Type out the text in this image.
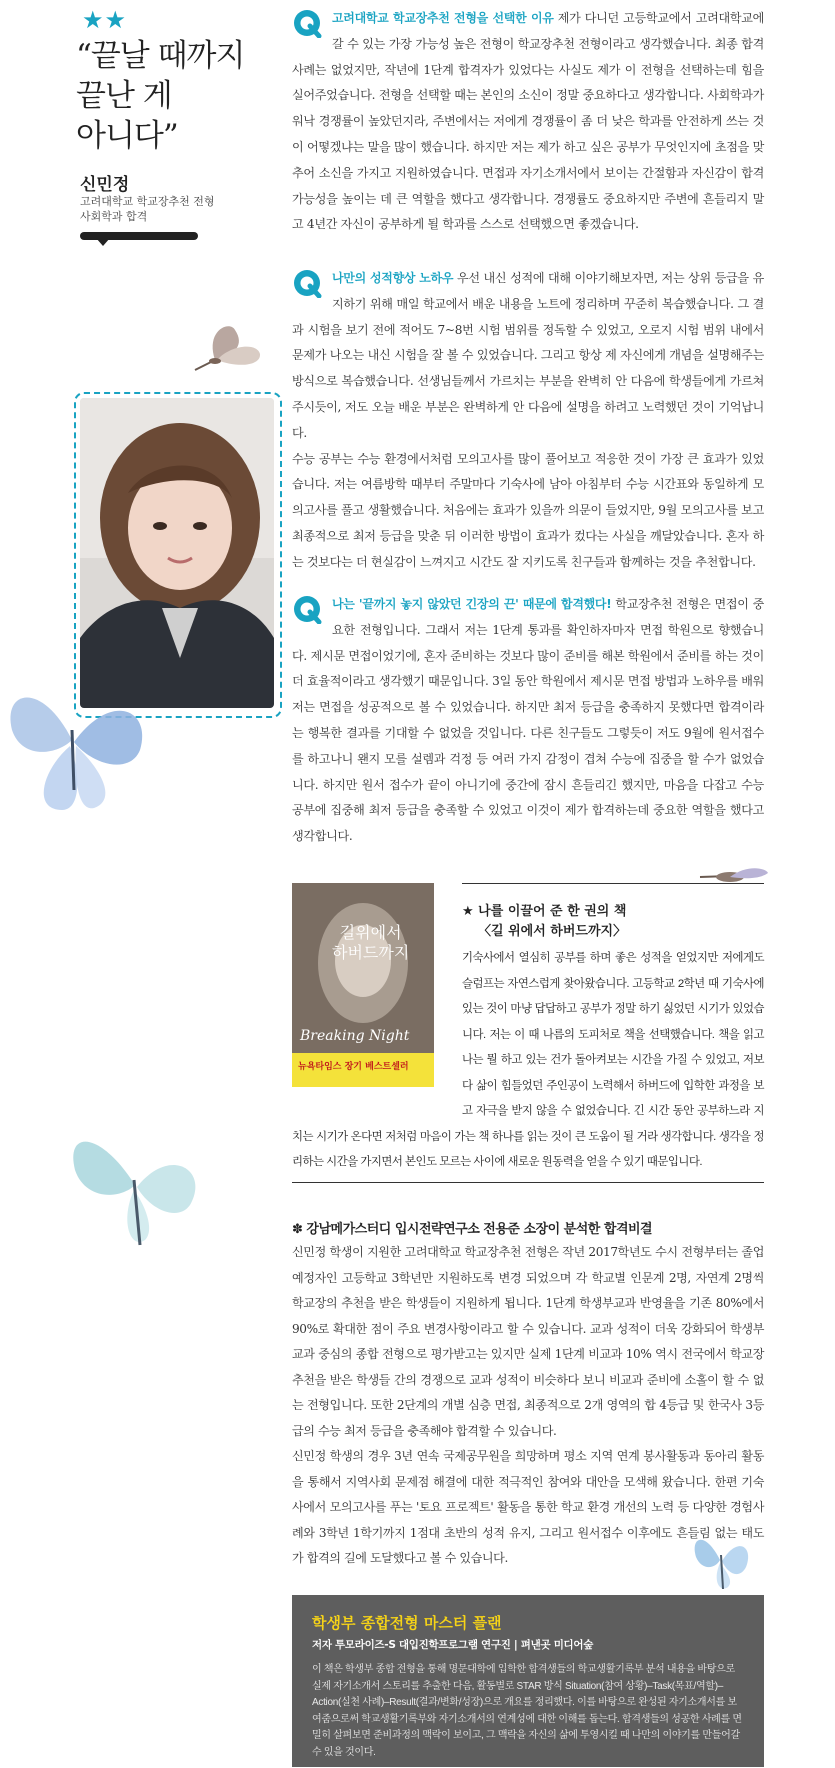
★★
“끝날 때까지
끝난 게
아니다”
신민정
고려대학교 학교장추천 전형
사회학과 합격
고려대학교 학교장추천 전형을 선택한 이유 제가 다니던 고등학교에서 고려대학교에 갈 수 있는 가장 가능성 높은 전형이 학교장추천 전형이라고 생각했습니다. 최종 합격 사례는 없었지만, 작년에 1단계 합격자가 있었다는 사실도 제가 이 전형을 선택하는데 힘을 실어주었습니다. 전형을 선택할 때는 본인의 소신이 정말 중요하다고 생각합니다. 사회학과가 워낙 경쟁률이 높았던지라, 주변에서는 저에게 경쟁률이 좀 더 낮은 학과를 안전하게 쓰는 것이 어떻겠냐는 말을 많이 했습니다. 하지만 저는 제가 하고 싶은 공부가 무엇인지에 초점을 맞추어 소신을 가지고 지원하였습니다. 면접과 자기소개서에서 보이는 간절함과 자신감이 합격 가능성을 높이는 데 큰 역할을 했다고 생각합니다. 경쟁률도 중요하지만 주변에 흔들리지 말고 4년간 자신이 공부하게 될 학과를 스스로 선택했으면 좋겠습니다.
나만의 성적향상 노하우 우선 내신 성적에 대해 이야기해보자면, 저는 상위 등급을 유지하기 위해 매일 학교에서 배운 내용을 노트에 정리하며 꾸준히 복습했습니다. 그 결과 시험을 보기 전에 적어도 7~8번 시험 범위를 정독할 수 있었고, 오로지 시험 범위 내에서 문제가 나오는 내신 시험을 잘 볼 수 있었습니다. 그리고 항상 제 자신에게 개념을 설명해주는 방식으로 복습했습니다. 선생님들께서 가르치는 부분을 완벽히 안 다음에 학생들에게 가르쳐 주시듯이, 저도 오늘 배운 부분은 완벽하게 안 다음에 설명을 하려고 노력했던 것이 기억납니다.
수능 공부는 수능 환경에서처럼 모의고사를 많이 풀어보고 적응한 것이 가장 큰 효과가 있었습니다. 저는 여름방학 때부터 주말마다 기숙사에 남아 아침부터 수능 시간표와 동일하게 모의고사를 풀고 생활했습니다. 처음에는 효과가 있을까 의문이 들었지만, 9월 모의고사를 보고 최종적으로 최저 등급을 맞춘 뒤 이러한 방법이 효과가 컸다는 사실을 깨달았습니다. 혼자 하는 것보다는 더 현실감이 느껴지고 시간도 잘 지키도록 친구들과 함께하는 것을 추천합니다.
나는 '끝까지 놓지 않았던 긴장의 끈' 때문에 합격했다! 학교장추천 전형은 면접이 중요한 전형입니다. 그래서 저는 1단계 통과를 확인하자마자 면접 학원으로 향했습니다. 제시문 면접이었기에, 혼자 준비하는 것보다 많이 준비를 해본 학원에서 준비를 하는 것이 더 효율적이라고 생각했기 때문입니다. 3일 동안 학원에서 제시문 면접 방법과 노하우를 배워 저는 면접을 성공적으로 볼 수 있었습니다. 하지만 최저 등급을 충족하지 못했다면 합격이라는 행복한 결과를 기대할 수 없었을 것입니다. 다른 친구들도 그렇듯이 저도 9월에 원서접수를 하고나니 왠지 모를 설렘과 걱정 등 여러 가지 감정이 겹쳐 수능에 집중을 할 수가 없었습니다. 하지만 원서 접수가 끝이 아니기에 중간에 잠시 흔들리긴 했지만, 마음을 다잡고 수능 공부에 집중해 최저 등급을 충족할 수 있었고 이것이 제가 합격하는데 중요한 역할을 했다고 생각합니다.
길위에서
하버드까지
Breaking Night
뉴욕타임스 장기 베스트셀러
★ 나를 이끌어 준 한 권의 책
〈길 위에서 하버드까지〉
기숙사에서 열심히 공부를 하며 좋은 성적을 얻었지만 저에게도 슬럼프는 자연스럽게 찾아왔습니다. 고등학교 2학년 때 기숙사에 있는 것이 마냥 답답하고 공부가 정말 하기 싫었던 시기가 있었습니다. 저는 이 때 나름의 도피처로 책을 선택했습니다. 책을 읽고 나는 뭘 하고 있는 건가 돌아켜보는 시간을 가질 수 있었고, 저보다 삶이 힘들었던 주인공이 노력해서 하버드에 입학한 과정을 보고 자극을 받지 않을 수 없었습니다. 긴 시간 동안 공부하느라 지치는 시기가 온다면 저처럼 마음이 가는 책 하나를 읽는 것이 큰 도움이 될 거라 생각합니다. 생각을 정리하는 시간을 가지면서 본인도 모르는 사이에 새로운 원동력을 얻을 수 있기 때문입니다.
✽ 강남메가스터디 입시전략연구소 전용준 소장이 분석한 합격비결
신민정 학생이 지원한 고려대학교 학교장추천 전형은 작년 2017학년도 수시 전형부터는 졸업예정자인 고등학교 3학년만 지원하도록 변경 되었으며 각 학교별 인문계 2명, 자연계 2명씩 학교장의 추천을 받은 학생들이 지원하게 됩니다. 1단계 학생부교과 반영율을 기존 80%에서 90%로 확대한 점이 주요 변경사항이라고 할 수 있습니다. 교과 성적이 더욱 강화되어 학생부교과 중심의 종합 전형으로 평가받고는 있지만 실제 1단계 비교과 10% 역시 전국에서 학교장 추천을 받은 학생들 간의 경쟁으로 교과 성적이 비슷하다 보니 비교과 준비에 소홀이 할 수 없는 전형입니다. 또한 2단계의 개별 심층 면접, 최종적으로 2개 영역의 합 4등급 및 한국사 3등급의 수능 최저 등급을 충족해야 합격할 수 있습니다.
신민정 학생의 경우 3년 연속 국제공무원을 희망하며 평소 지역 연계 봉사활동과 동아리 활동을 통해서 지역사회 문제점 해결에 대한 적극적인 참여와 대안을 모색해 왔습니다. 한편 기숙사에서 모의고사를 푸는 '토요 프로젝트' 활동을 통한 학교 환경 개선의 노력 등 다양한 경험사례와 3학년 1학기까지 1점대 초반의 성적 유지, 그리고 원서접수 이후에도 흔들림 없는 태도가 합격의 길에 도달했다고 볼 수 있습니다.
학생부 종합전형 마스터 플랜
저자 투모라이즈-S 대입진학프로그램 연구진 | 펴낸곳 미디어숲
이 책은 학생부 종합 전형을 통해 명문대학에 입학한 합격생들의 학교생활기록부 분석 내용을 바탕으로 실제 자기소개서 스토리를 추출한 다음, 활동별로 STAR 방식 Situation(참여 상황)–Task(목표/역할)–Action(실천 사례)–Result(결과/변화/성장)으로 개요를 정리했다. 이를 바탕으로 완성된 자기소개서를 보여줌으로써 학교생활기록부와 자기소개서의 연계성에 대한 이해를 돕는다. 합격생들의 성공한 사례를 면밀히 살펴보면 준비과정의 맥락이 보이고, 그 맥락을 자신의 삶에 투영시킬 때 나만의 이야기를 만들어갈 수 있을 것이다.
